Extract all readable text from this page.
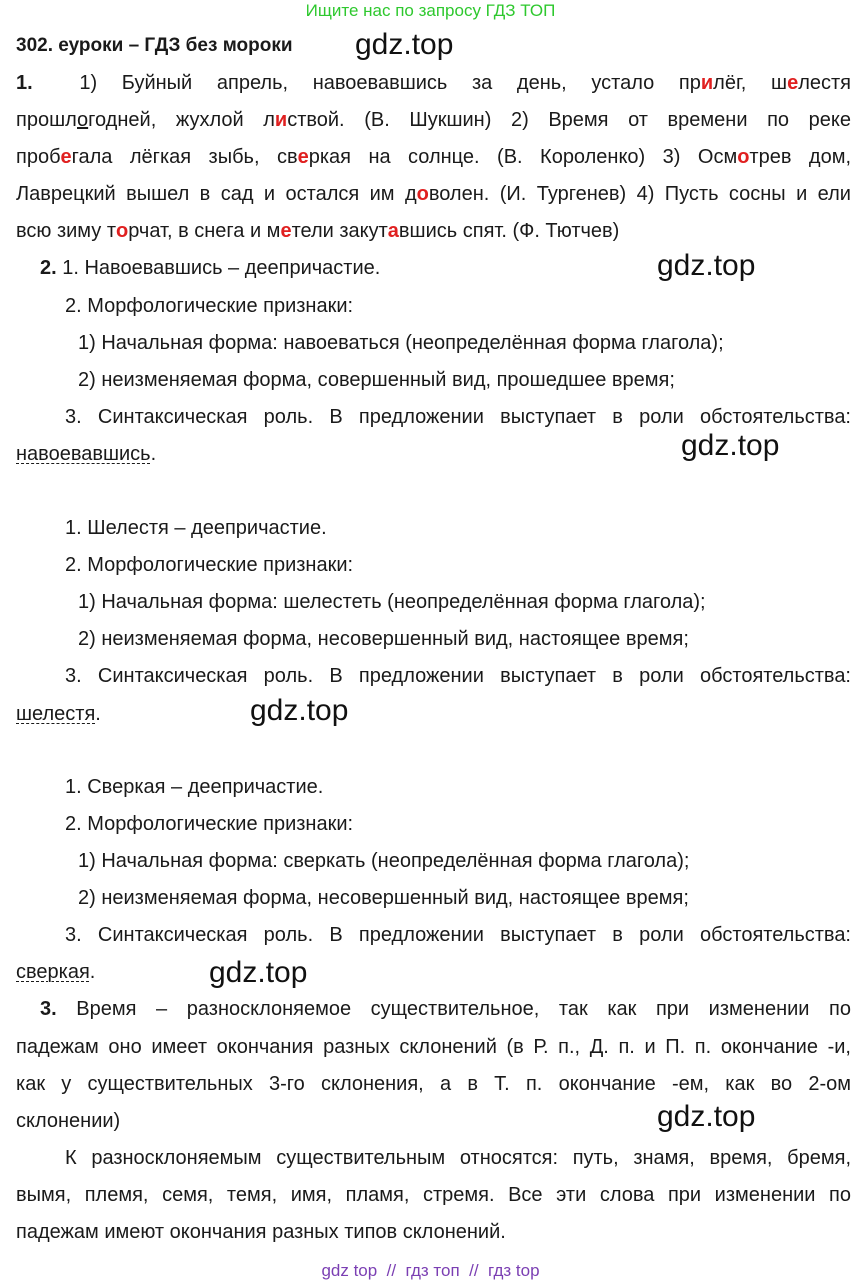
Ищите нас по запросу ГДЗ ТОП
302. еуроки – ГДЗ без мороки gdz.top
gdz.top
gdz.top
gdz.top
gdz.top
gdz.top
1. 1) Буйный апрель, навоевавшись за день, устало прилёг, шелестя
прошлогодней, жухлой листвой. (В. Шукшин) 2) Время от времени по реке
пробегала лёгкая зыбь, сверкая на солнце. (В. Короленко) 3) Осмотрев дом,
Лаврецкий вышел в сад и остался им доволен. (И. Тургенев) 4) Пусть сосны и ели
всю зиму торчат, в снега и метели закутавшись спят. (Ф. Тютчев)
2. 1. Навоевавшись – деепричастие.
2. Морфологические признаки:
1) Начальная форма: навоеваться (неопределённая форма глагола);
2) неизменяемая форма, совершенный вид, прошедшее время;
3. Синтаксическая роль. В предложении выступает в роли обстоятельства:
навоевавшись.
1. Шелестя – деепричастие.
2. Морфологические признаки:
1) Начальная форма: шелестеть (неопределённая форма глагола);
2) неизменяемая форма, несовершенный вид, настоящее время;
3. Синтаксическая роль. В предложении выступает в роли обстоятельства:
шелестя.
1. Сверкая – деепричастие.
2. Морфологические признаки:
1) Начальная форма: сверкать (неопределённая форма глагола);
2) неизменяемая форма, несовершенный вид, настоящее время;
3. Синтаксическая роль. В предложении выступает в роли обстоятельства:
сверкая.
3. Время – разносклоняемое существительное, так как при изменении по
падежам оно имеет окончания разных склонений (в Р. п., Д. п. и П. п. окончание -и,
как у существительных 3-го склонения, а в Т. п. окончание -ем, как во 2-ом
склонении)
К разносклоняемым существительным относятся: путь, знамя, время, бремя,
вымя, племя, семя, темя, имя, пламя, стремя. Все эти слова при изменении по
падежам имеют окончания разных типов склонений.
gdz top  //  гдз топ  //  гдз top
